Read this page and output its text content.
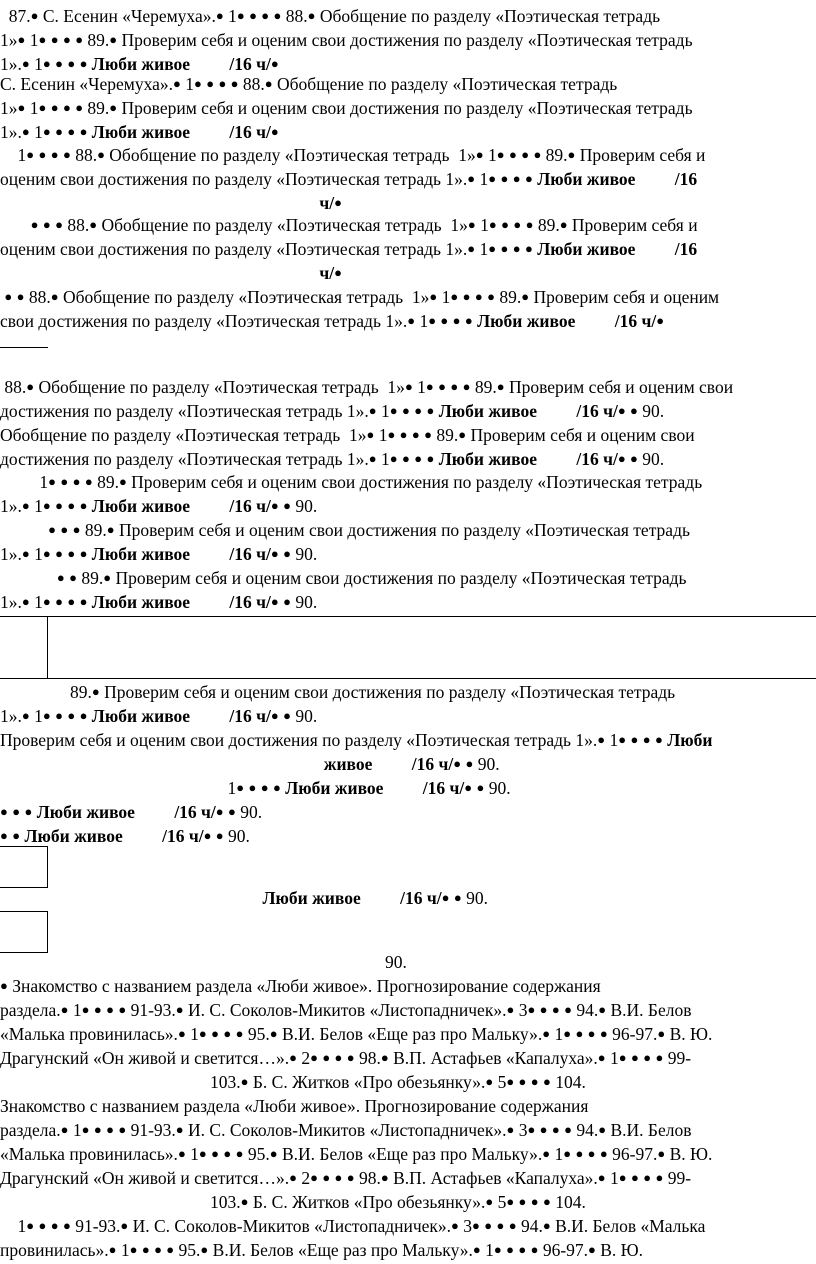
87.● С. Есенин «Черемуха».● 1● ● ● ● 88.● Обобщение по разделу «Поэтическая тетрадь
1»● 1● ● ● ● 89.● Проверим себя и оценим свои достижения по разделу «Поэтическая тетрадь
1».● 1● ● ● ● Люби живое         /16 ч/●
С. Есенин «Черемуха».● 1● ● ● ● 88.● Обобщение по разделу «Поэтическая тетрадь
1»● 1● ● ● ● 89.● Проверим себя и оценим свои достижения по разделу «Поэтическая тетрадь
1».● 1● ● ● ● Люби живое         /16 ч/●
1● ● ● ● 88.● Обобщение по разделу «Поэтическая тетрадь  1»● 1● ● ● ● 89.● Проверим себя и
оценим свои достижения по разделу «Поэтическая тетрадь 1».● 1● ● ● ● Люби живое         /16
ч/●
● ● ● 88.● Обобщение по разделу «Поэтическая тетрадь  1»● 1● ● ● ● 89.● Проверим себя и
оценим свои достижения по разделу «Поэтическая тетрадь 1».● 1● ● ● ● Люби живое         /16
ч/●
● ● 88.● Обобщение по разделу «Поэтическая тетрадь  1»● 1● ● ● ● 89.● Проверим себя и оценим
свои достижения по разделу «Поэтическая тетрадь 1».● 1● ● ● ● Люби живое         /16 ч/●
88.● Обобщение по разделу «Поэтическая тетрадь  1»● 1● ● ● ● 89.● Проверим себя и оценим свои
достижения по разделу «Поэтическая тетрадь 1».● 1● ● ● ● Люби живое         /16 ч/● ● 90.
Обобщение по разделу «Поэтическая тетрадь  1»● 1● ● ● ● 89.● Проверим себя и оценим свои
достижения по разделу «Поэтическая тетрадь 1».● 1● ● ● ● Люби живое         /16 ч/● ● 90.
1● ● ● ● 89.● Проверим себя и оценим свои достижения по разделу «Поэтическая тетрадь
1».● 1● ● ● ● Люби живое         /16 ч/● ● 90.
● ● ● 89.● Проверим себя и оценим свои достижения по разделу «Поэтическая тетрадь
1».● 1● ● ● ● Люби живое         /16 ч/● ● 90.
● ● 89.● Проверим себя и оценим свои достижения по разделу «Поэтическая тетрадь
1».● 1● ● ● ● Люби живое         /16 ч/● ● 90.
89.● Проверим себя и оценим свои достижения по разделу «Поэтическая тетрадь
1».● 1● ● ● ● Люби живое         /16 ч/● ● 90.
Проверим себя и оценим свои достижения по разделу «Поэтическая тетрадь 1».● 1● ● ● ● Люби
живое         /16 ч/● ● 90.
1● ● ● ● Люби живое         /16 ч/● ● 90.
● ● ● Люби живое         /16 ч/● ● 90.
● ● Люби живое         /16 ч/● ● 90.
Люби живое         /16 ч/● ● 90.
90.
● Знакомство с названием раздела «Люби живое». Прогнозирование содержания
раздела.● 1● ● ● ● 91-93.● И. С. Соколов-Микитов «Листопадничек».● 3● ● ● ● 94.● В.И. Белов
«Малька провинилась».● 1● ● ● ● 95.● В.И. Белов «Еще раз про Мальку».● 1● ● ● ● 96-97.● В. Ю.
Драгунский «Он живой и светится…».● 2● ● ● ● 98.● В.П. Астафьев «Капалуха».● 1● ● ● ● 99-
103.● Б. С. Житков «Про обезьянку».● 5● ● ● ● 104.
Знакомство с названием раздела «Люби живое». Прогнозирование содержания
раздела.● 1● ● ● ● 91-93.● И. С. Соколов-Микитов «Листопадничек».● 3● ● ● ● 94.● В.И. Белов
«Малька провинилась».● 1● ● ● ● 95.● В.И. Белов «Еще раз про Мальку».● 1● ● ● ● 96-97.● В. Ю.
Драгунский «Он живой и светится…».● 2● ● ● ● 98.● В.П. Астафьев «Капалуха».● 1● ● ● ● 99-
103.● Б. С. Житков «Про обезьянку».● 5● ● ● ● 104.
1● ● ● ● 91-93.● И. С. Соколов-Микитов «Листопадничек».● 3● ● ● ● 94.● В.И. Белов «Малька
провинилась».● 1● ● ● ● 95.● В.И. Белов «Еще раз про Мальку».● 1● ● ● ● 96-97.● В. Ю.
